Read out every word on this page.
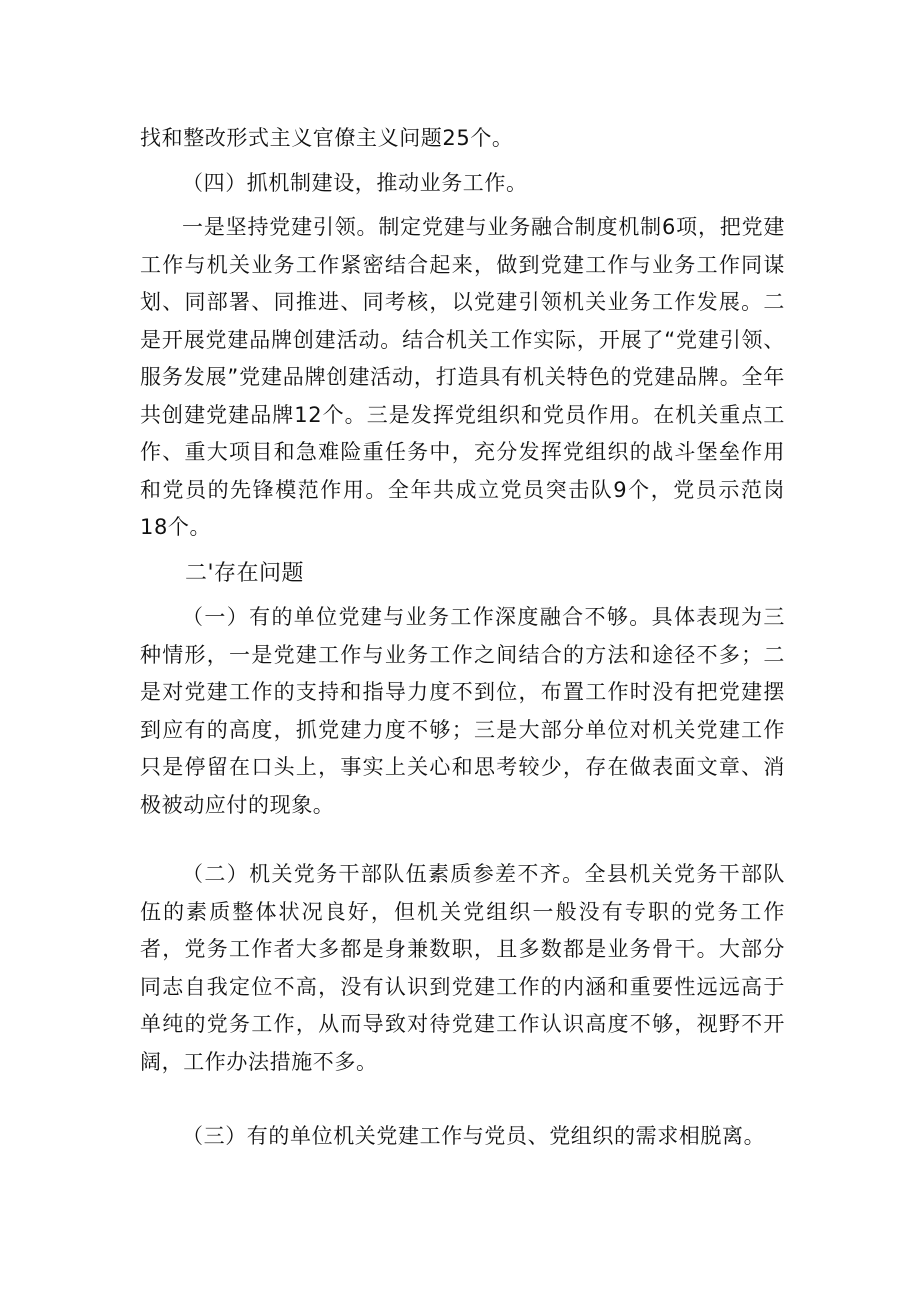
找和整改形式主义官僚主义问题25个。

（四）抓机制建设，推动业务工作。

一是坚持党建引领。制定党建与业务融合制度机制6项，把党建工作与机关业务工作紧密结合起来，做到党建工作与业务工作同谋划、同部署、同推进、同考核，以党建引领机关业务工作发展。二是开展党建品牌创建活动。结合机关工作实际，开展了“党建引领、服务发展”党建品牌创建活动，打造具有机关特色的党建品牌。全年共创建党建品牌12个。三是发挥党组织和党员作用。在机关重点工作、重大项目和急难险重任务中，充分发挥党组织的战斗堡垒作用和党员的先锋模范作用。全年共成立党员突击队9个，党员示范岗18个。

二'存在问题

（一）有的单位党建与业务工作深度融合不够。具体表现为三种情形，一是党建工作与业务工作之间结合的方法和途径不多；二是对党建工作的支持和指导力度不到位，布置工作时没有把党建摆到应有的高度，抓党建力度不够；三是大部分单位对机关党建工作只是停留在口头上，事实上关心和思考较少，存在做表面文章、消极被动应付的现象。

（二）机关党务干部队伍素质参差不齐。全县机关党务干部队伍的素质整体状况良好，但机关党组织一般没有专职的党务工作者，党务工作者大多都是身兼数职，且多数都是业务骨干。大部分同志自我定位不高，没有认识到党建工作的内涵和重要性远远高于单纯的党务工作，从而导致对待党建工作认识高度不够，视野不开阔，工作办法措施不多。

（三）有的单位机关党建工作与党员、党组织的需求相脱离。
